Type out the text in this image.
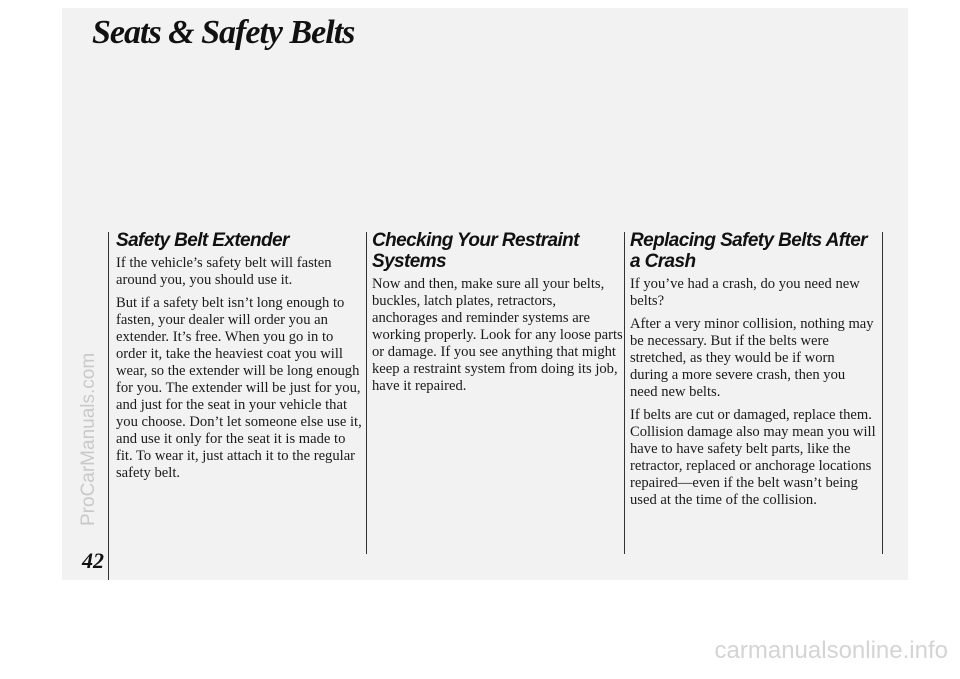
Seats & Safety Belts
Safety Belt Extender

If the vehicle’s safety belt will fasten around you, you should use it.

But if a safety belt isn’t long enough to fasten, your dealer will order you an extender. It’s free. When you go in to order it, take the heaviest coat you will wear, so the extender will be long enough for you. The extender will be just for you, and just for the seat in your vehicle that you choose. Don’t let someone else use it, and use it only for the seat it is made to fit. To wear it, just attach it to the regular safety belt.

Checking Your Restraint Systems

Now and then, make sure all your belts, buckles, latch plates, retractors, anchorages and reminder systems are working properly. Look for any loose parts or damage. If you see anything that might keep a restraint system from doing its job, have it repaired.

Replacing Safety Belts After a Crash

If you’ve had a crash, do you need new belts?

After a very minor collision, nothing may be necessary. But if the belts were stretched, as they would be if worn during a more severe crash, then you need new belts.

If belts are cut or damaged, replace them. Collision damage also may mean you will have to have safety belt parts, like the retractor, replaced or anchorage locations repaired—even if the belt wasn’t being used at the time of the collision.

42
ProCarManuals.com
carmanualsonline.info
